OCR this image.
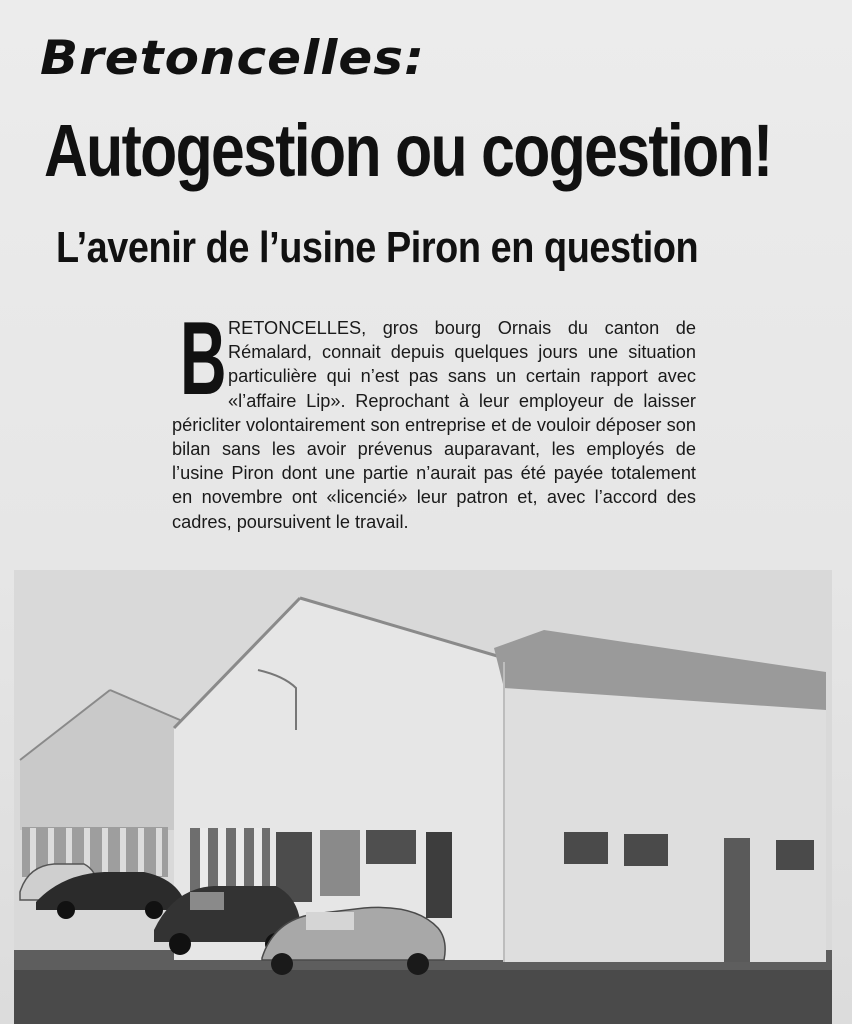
Bretoncelles:
Autogestion ou cogestion!
L’avenir de l’usine Piron en question
B RETONCELLES, gros bourg Ornais du canton de Rémalard, connait depuis quelques jours une situation particulière qui n’est pas sans un certain rapport avec «l’affaire Lip». Reprochant à leur employeur de laisser péricliter volontairement son entreprise et de vouloir déposer son bilan sans les avoir prévenus auparavant, les employés de l’usine Piron dont une partie n’aurait pas été payée totalement en novembre ont «licencié» leur patron et, avec l’accord des cadres, poursuivent le travail.
